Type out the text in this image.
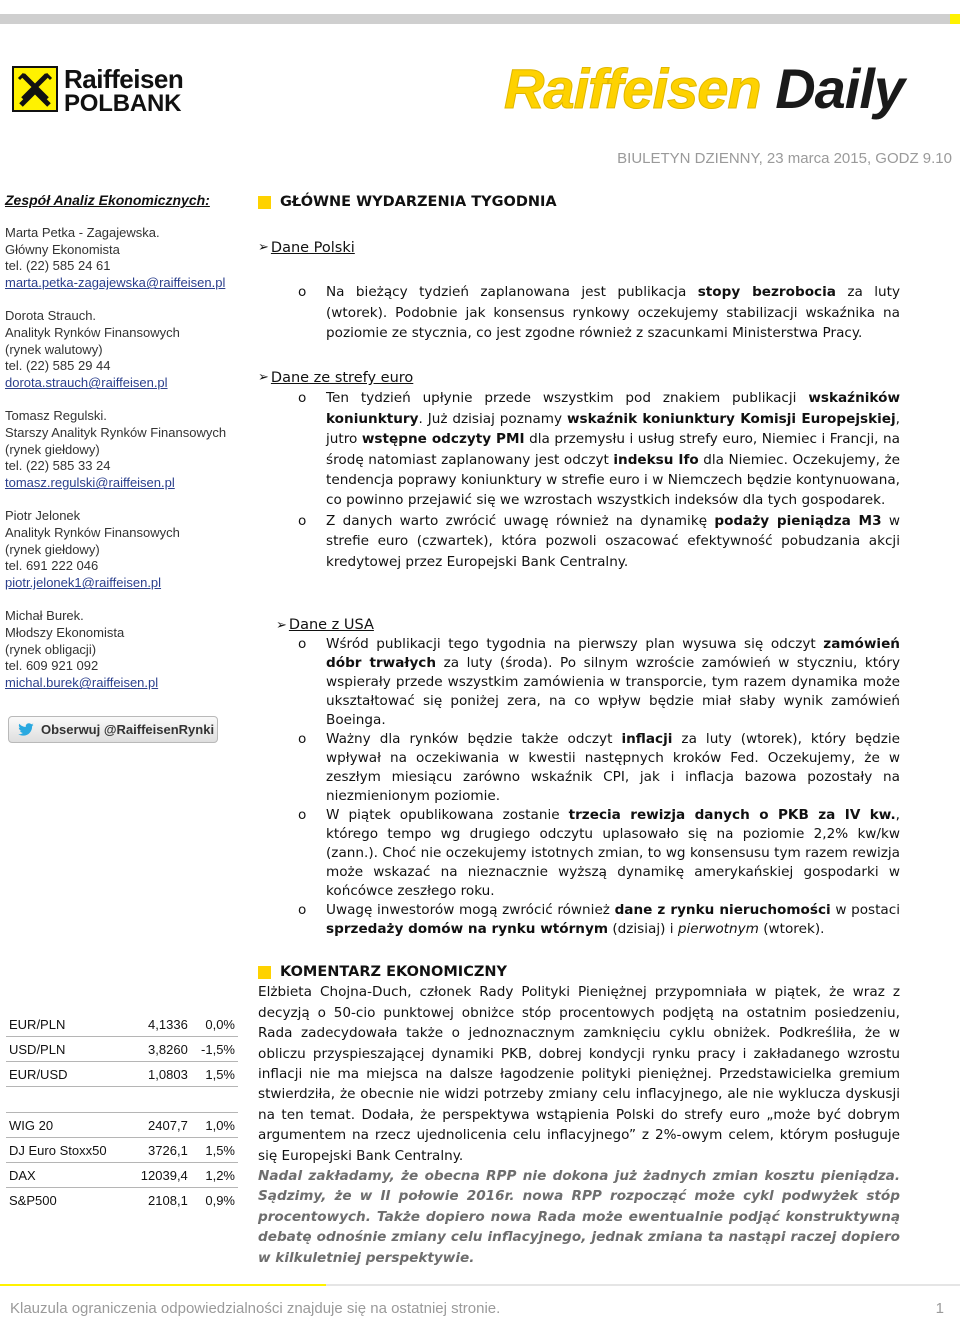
Raiffeisen
POLBANK	Raiffeisen Daily
BIULETYN DZIENNY, 23 marca 2015, GODZ 9.10
Zespół Analiz Ekonomicznych:
Marta Petka - Zagajewska.
Główny Ekonomista
tel. (22) 585 24 61
marta.petka-zagajewska@raiffeisen.pl
Dorota Strauch.
Analityk Rynków Finansowych
(rynek walutowy)
tel. (22) 585 29 44
dorota.strauch@raiffeisen.pl
Tomasz Regulski.
Starszy Analityk Rynków Finansowych
(rynek giełdowy)
tel. (22) 585 33 24
tomasz.regulski@raiffeisen.pl
Piotr Jelonek
Analityk Rynków Finansowych
(rynek giełdowy)
tel. 691 222 046
piotr.jelonek1@raiffeisen.pl
Michał Burek.
Młodszy Ekonomista
(rynek obligacji)
tel. 609 921 092
michal.burek@raiffeisen.pl
Obserwuj @RaiffeisenRynki
EUR/PLN	4,1336	0,0%
USD/PLN	3,8260	-1,5%
EUR/USD	1,0803	1,5%

WIG 20	2407,7	1,0%
DJ Euro Stoxx50	3726,1	1,5%
DAX	12039,4	1,2%
S&P500	2108,1	0,9%
GŁÓWNE WYDARZENIA TYGODNIA
➢ Dane Polski
o Na bieżący tydzień zaplanowana jest publikacja stopy bezrobocia za luty (wtorek). Podobnie jak konsensus rynkowy oczekujemy stabilizacji wskaźnika na poziomie ze stycznia, co jest zgodne również z szacunkami Ministerstwa Pracy.
➢ Dane ze strefy euro
o Ten tydzień upłynie przede wszystkim pod znakiem publikacji wskaźników koniunktury. Już dzisiaj poznamy wskaźnik koniunktury Komisji Europejskiej, jutro wstępne odczyty PMI dla przemysłu i usług strefy euro, Niemiec i Francji, na środę natomiast zaplanowany jest odczyt indeksu Ifo dla Niemiec. Oczekujemy, że tendencja poprawy koniunktury w strefie euro i w Niemczech będzie kontynuowana, co powinno przejawić się we wzrostach wszystkich indeksów dla tych gospodarek.
o Z danych warto zwrócić uwagę również na dynamikę podaży pieniądza M3 w strefie euro (czwartek), która pozwoli oszacować efektywność pobudzania akcji kredytowej przez Europejski Bank Centralny.
➢ Dane z USA
o Wśród publikacji tego tygodnia na pierwszy plan wysuwa się odczyt zamówień dóbr trwałych za luty (środa). Po silnym wzroście zamówień w styczniu, który wspierały przede wszystkim zamówienia w transporcie, tym razem dynamika może ukształtować się poniżej zera, na co wpływ będzie miał słaby wynik zamówień Boeinga.
o Ważny dla rynków będzie także odczyt inflacji za luty (wtorek), który będzie wpływał na oczekiwania w kwestii następnych kroków Fed. Oczekujemy, że w zeszłym miesiącu zarówno wskaźnik CPI, jak i inflacja bazowa pozostały na niezmienionym poziomie.
o W piątek opublikowana zostanie trzecia rewizja danych o PKB za IV kw., którego tempo wg drugiego odczytu uplasowało się na poziomie 2,2% kw/kw (zann.). Choć nie oczekujemy istotnych zmian, to wg konsensusu tym razem rewizja może wskazać na nieznacznie wyższą dynamikę amerykańskiej gospodarki w końcówce zeszłego roku.
o Uwagę inwestorów mogą zwrócić również dane z rynku nieruchomości w postaci sprzedaży domów na rynku wtórnym (dzisiaj) i pierwotnym (wtorek).
KOMENTARZ EKONOMICZNY
Elżbieta Chojna-Duch, członek Rady Polityki Pieniężnej przypomniała w piątek, że wraz z decyzją o 50-cio punktowej obniżce stóp procentowych podjętą na ostatnim posiedzeniu, Rada zadecydowała także o jednoznacznym zamknięciu cyklu obniżek. Podkreśliła, że w obliczu przyspieszającej dynamiki PKB, dobrej kondycji rynku pracy i zakładanego wzrostu inflacji nie ma miejsca na dalsze łagodzenie polityki pieniężnej. Przedstawicielka gremium stwierdziła, że obecnie nie widzi potrzeby zmiany celu inflacyjnego, ale nie wyklucza dyskusji na ten temat. Dodała, że perspektywa wstąpienia Polski do strefy euro „może być dobrym argumentem na rzecz ujednolicenia celu inflacyjnego” z 2%-owym celem, którym posługuje się Europejski Bank Centralny.
Nadal zakładamy, że obecna RPP nie dokona już żadnych zmian kosztu pieniądza. Sądzimy, że w II połowie 2016r. nowa RPP rozpocząć może cykl podwyżek stóp procentowych. Także dopiero nowa Rada może ewentualnie podjąć konstruktywną debatę odnośnie zmiany celu inflacyjnego, jednak zmiana ta nastąpi raczej dopiero w kilkuletniej perspektywie.
Klauzula ograniczenia odpowiedzialności znajduje się na ostatniej stronie.	1
